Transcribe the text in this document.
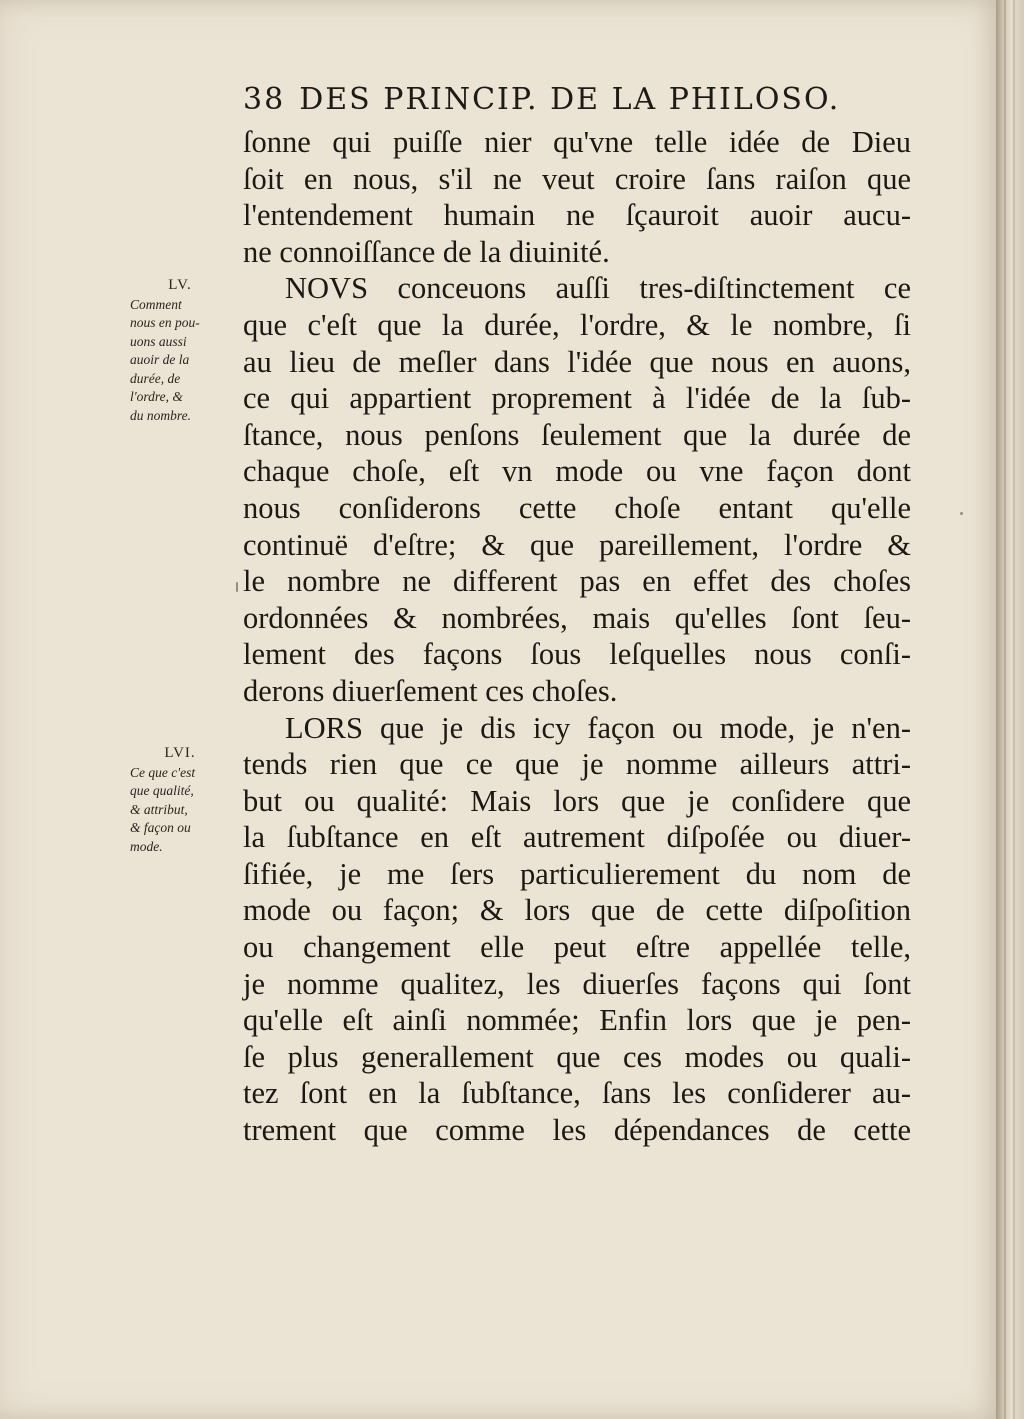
38 DES PRINCIP. DE LA PHILOSO.
LV.
Comment
nous en pou-
uons aussi
auoir de la
durée, de
l'ordre, &
du nombre.
LVI.
Ce que c'est
que qualité,
& attribut,
& façon ou
mode.
ſonne qui puiſſe nier qu'vne telle idée de Dieu
ſoit en nous, s'il ne veut croire ſans raiſon que
l'entendement humain ne ſçauroit auoir aucu-
ne connoiſſance de la diuinité.
NOVS conceuons auſſi tres-diſtinctement ce
que c'eſt que la durée, l'ordre, & le nombre, ſi
au lieu de meſler dans l'idée que nous en auons,
ce qui appartient proprement à l'idée de la ſub-
ſtance, nous penſons ſeulement que la durée de
chaque choſe, eſt vn mode ou vne façon dont
nous conſiderons cette choſe entant qu'elle
continuë d'eſtre; & que pareillement, l'ordre &
le nombre ne different pas en effet des choſes
ordonnées & nombrées, mais qu'elles ſont ſeu-
lement des façons ſous leſquelles nous conſi-
derons diuerſement ces choſes.
LORS que je dis icy façon ou mode, je n'en-
tends rien que ce que je nomme ailleurs attri-
but ou qualité: Mais lors que je conſidere que
la ſubſtance en eſt autrement diſpoſée ou diuer-
ſifiée, je me ſers particulierement du nom de
mode ou façon; & lors que de cette diſpoſition
ou changement elle peut eſtre appellée telle,
je nomme qualitez, les diuerſes façons qui ſont
qu'elle eſt ainſi nommée; Enfin lors que je pen-
ſe plus generallement que ces modes ou quali-
tez ſont en la ſubſtance, ſans les conſiderer au-
trement que comme les dépendances de cette
